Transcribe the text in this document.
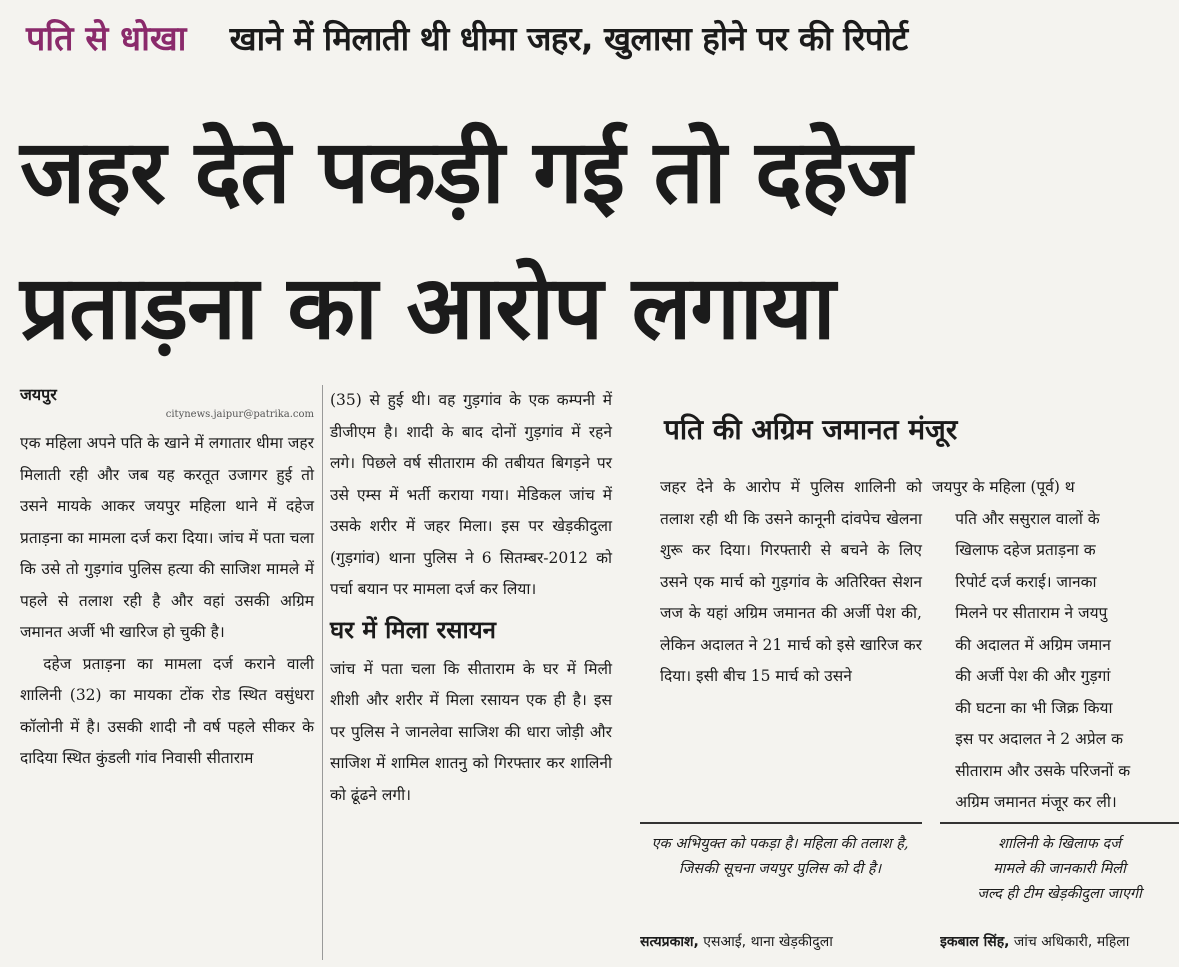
पति से धोखा खाने में मिलाती थी धीमा जहर, खुलासा होने पर की रिपोर्ट
जहर देते पकड़ी गई तो दहेज प्रताड़ना का आरोप लगाया
जयपुर
citynews.jaipur@patrika.com

एक महिला अपने पति के खाने में लगातार धीमा जहर मिलाती रही और जब यह करतूत उजागर हुई तो उसने मायके आकर जयपुर महिला थाने में दहेज प्रताड़ना का मामला दर्ज करा दिया। जांच में पता चला कि उसे तो गुड़गांव पुलिस हत्या की साजिश मामले में पहले से तलाश रही है और वहां उसकी अग्रिम जमानत अर्जी भी खारिज हो चुकी है।

दहेज प्रताड़ना का मामला दर्ज कराने वाली शालिनी (32) का मायका टोंक रोड स्थित वसुंधरा कॉलोनी में है। उसकी शादी नौ वर्ष पहले सीकर के दादिया स्थित कुंडली गांव निवासी सीताराम

(35) से हुई थी। वह गुड़गांव के एक कम्पनी में डीजीएम है। शादी के बाद दोनों गुड़गांव में रहने लगे। पिछले वर्ष सीताराम की तबीयत बिगड़ने पर उसे एम्स में भर्ती कराया गया। मेडिकल जांच में उसके शरीर में जहर मिला। इस पर खेड़कीदुला (गुड़गांव) थाना पुलिस ने 6 सितम्बर-2012 को पर्चा बयान पर मामला दर्ज कर लिया।

घर में मिला रसायन

जांच में पता चला कि सीताराम के घर में मिली शीशी और शरीर में मिला रसायन एक ही है। इस पर पुलिस ने जानलेवा साजिश की धारा जोड़ी और साजिश में शामिल शातनु को गिरफ्तार कर शालिनी को ढूंढने लगी।

पति की अग्रिम जमानत मंजूर

जहर देने के आरोप में पुलिस शालिनी को तलाश रही थी कि उसने कानूनी दांवपेच खेलना शुरू कर दिया। गिरफ्तारी से बचने के लिए उसने एक मार्च को गुड़गांव के अतिरिक्त सेशन जज के यहां अग्रिम जमानत की अर्जी पेश की, लेकिन अदालत ने 21 मार्च को इसे खारिज कर दिया। इसी बीच 15 मार्च को उसने

जयपुर के महिला (पूर्व) थ

पति और ससुराल वालों के

खिलाफ दहेज प्रताड़ना क

रिपोर्ट दर्ज कराई। जानका

मिलने पर सीताराम ने जयपु

की अदालत में अग्रिम जमान

की अर्जी पेश की और गुड़गां

की घटना का भी जिक्र किया

इस पर अदालत ने 2 अप्रेल क

सीताराम और उसके परिजनों क

अग्रिम जमानत मंजूर कर ली।

एक अभियुक्त को पकड़ा है। महिला की तलाश है, जिसकी सूचना जयपुर पुलिस को दी है।
शालिनी के खिलाफ दर्ज
मामले की जानकारी मिली
जल्द ही टीम खेड़कीदुला जाएगी
सत्यप्रकाश, एसआई, थाना खेड़कीदुला	इकबाल सिंह, जांच अधिकारी, महिला
